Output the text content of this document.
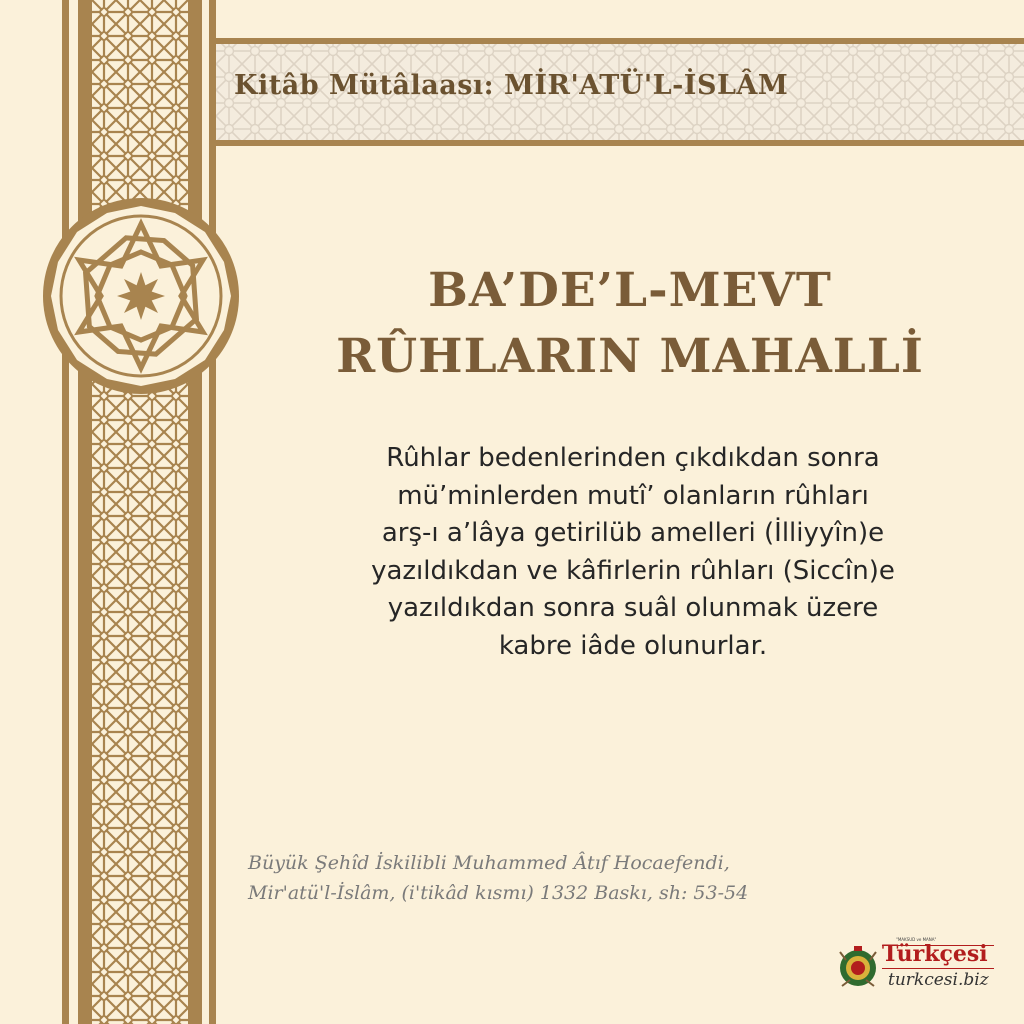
Kitâb Mütâlaası: MİR'ATÜ'L-İSLÂM
BA’DE’L-MEVT
RÛHLARIN MAHALLİ
Rûhlar bedenlerinden çıkdıkdan sonra
mü’minlerden mutî’ olanların rûhları
arş-ı a’lâya getirilüb amelleri (İlliyyîn)e
yazıldıkdan ve kâfirlerin rûhları (Siccîn)e
yazıldıkdan sonra suâl olunmak üzere
kabre iâde olunurlar.
Büyük Şehîd İskilibli Muhammed Âtıf Hocaefendi,
Mir'atü'l-İslâm, (i'tikâd kısmı) 1332 Baskı, sh: 53-54
"MAKSUD ve MANA"
Türkçesi
turkcesi.biz
